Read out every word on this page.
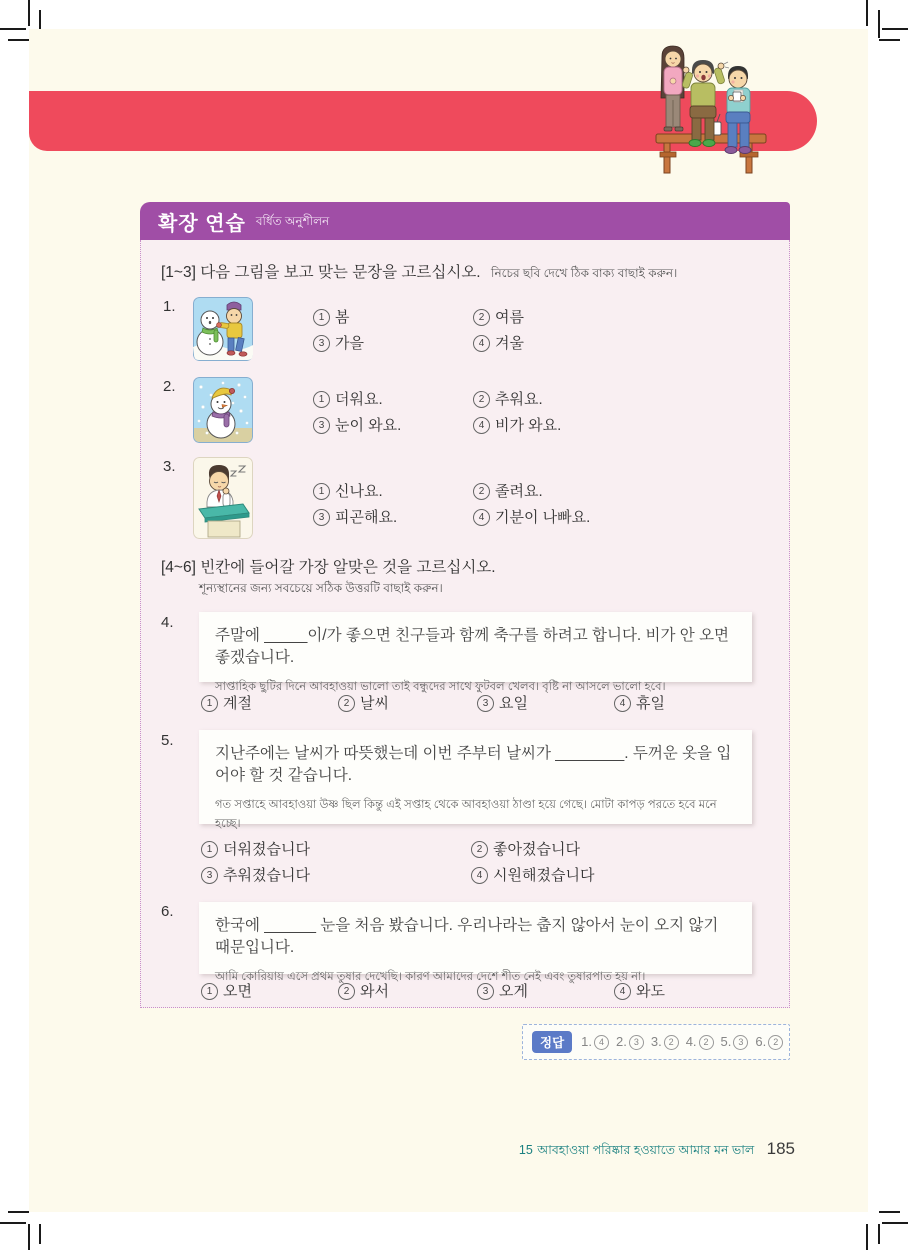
확장 연습 বর্ধিত অনুশীলন
[1~3] 다음 그림을 보고 맞는 문장을 고르십시오. নিচের ছবি দেখে ঠিক বাক্য বাছাই করুন।
1.
1 봄	2 여름
3 가을	4 겨울
2.
1 더워요.	2 추워요.
3 눈이 와요.	4 비가 와요.
3.
1 신나요.	2 졸려요.
3 피곤해요.	4 기분이 나빠요.
[4~6] 빈칸에 들어갈 가장 알맞은 것을 고르십시오.
শূন্যস্থানের জন্য সবচেয়ে সঠিক উত্তরটি বাছাই করুন।
4.

주말에 _____이/가 좋으면 친구들과 함께 축구를 하려고 합니다. 비가 안 오면 좋겠습니다.

সাপ্তাহিক ছুটির দিনে আবহাওয়া ভালো তাই বন্ধুদের সাথে ফুটবল খেলব। বৃষ্টি না আসলে ভালো হবে।
1 계절	2 날씨	3 요일	4 휴일
5.

지난주에는 날씨가 따뜻했는데 이번 주부터 날씨가 ________. 두꺼운 옷을 입어야 할 것 같습니다.

গত সপ্তাহে আবহাওয়া উষ্ণ ছিল কিন্তু এই সপ্তাহ থেকে আবহাওয়া ঠাণ্ডা হয়ে গেছে। মোটা কাপড় পরতে হবে মনে হচ্ছে।
1 더워졌습니다	2 좋아졌습니다
3 추워졌습니다	4 시원해졌습니다
6.

한국에 ______ 눈을 처음 봤습니다. 우리나라는 춥지 않아서 눈이 오지 않기 때문입니다.

আমি কোরিয়ায় এসে প্রথম তুষার দেখেছি। কারণ আমাদের দেশে শীত নেই এবং তুষারপাত হয় না।
1 오면	2 와서	3 오게	4 와도
정답	1. 4 2. 3 3. 2 4. 2 5. 3 6. 2
15 আবহাওয়া পরিষ্কার হওয়াতে আমার মন ভাল 185
